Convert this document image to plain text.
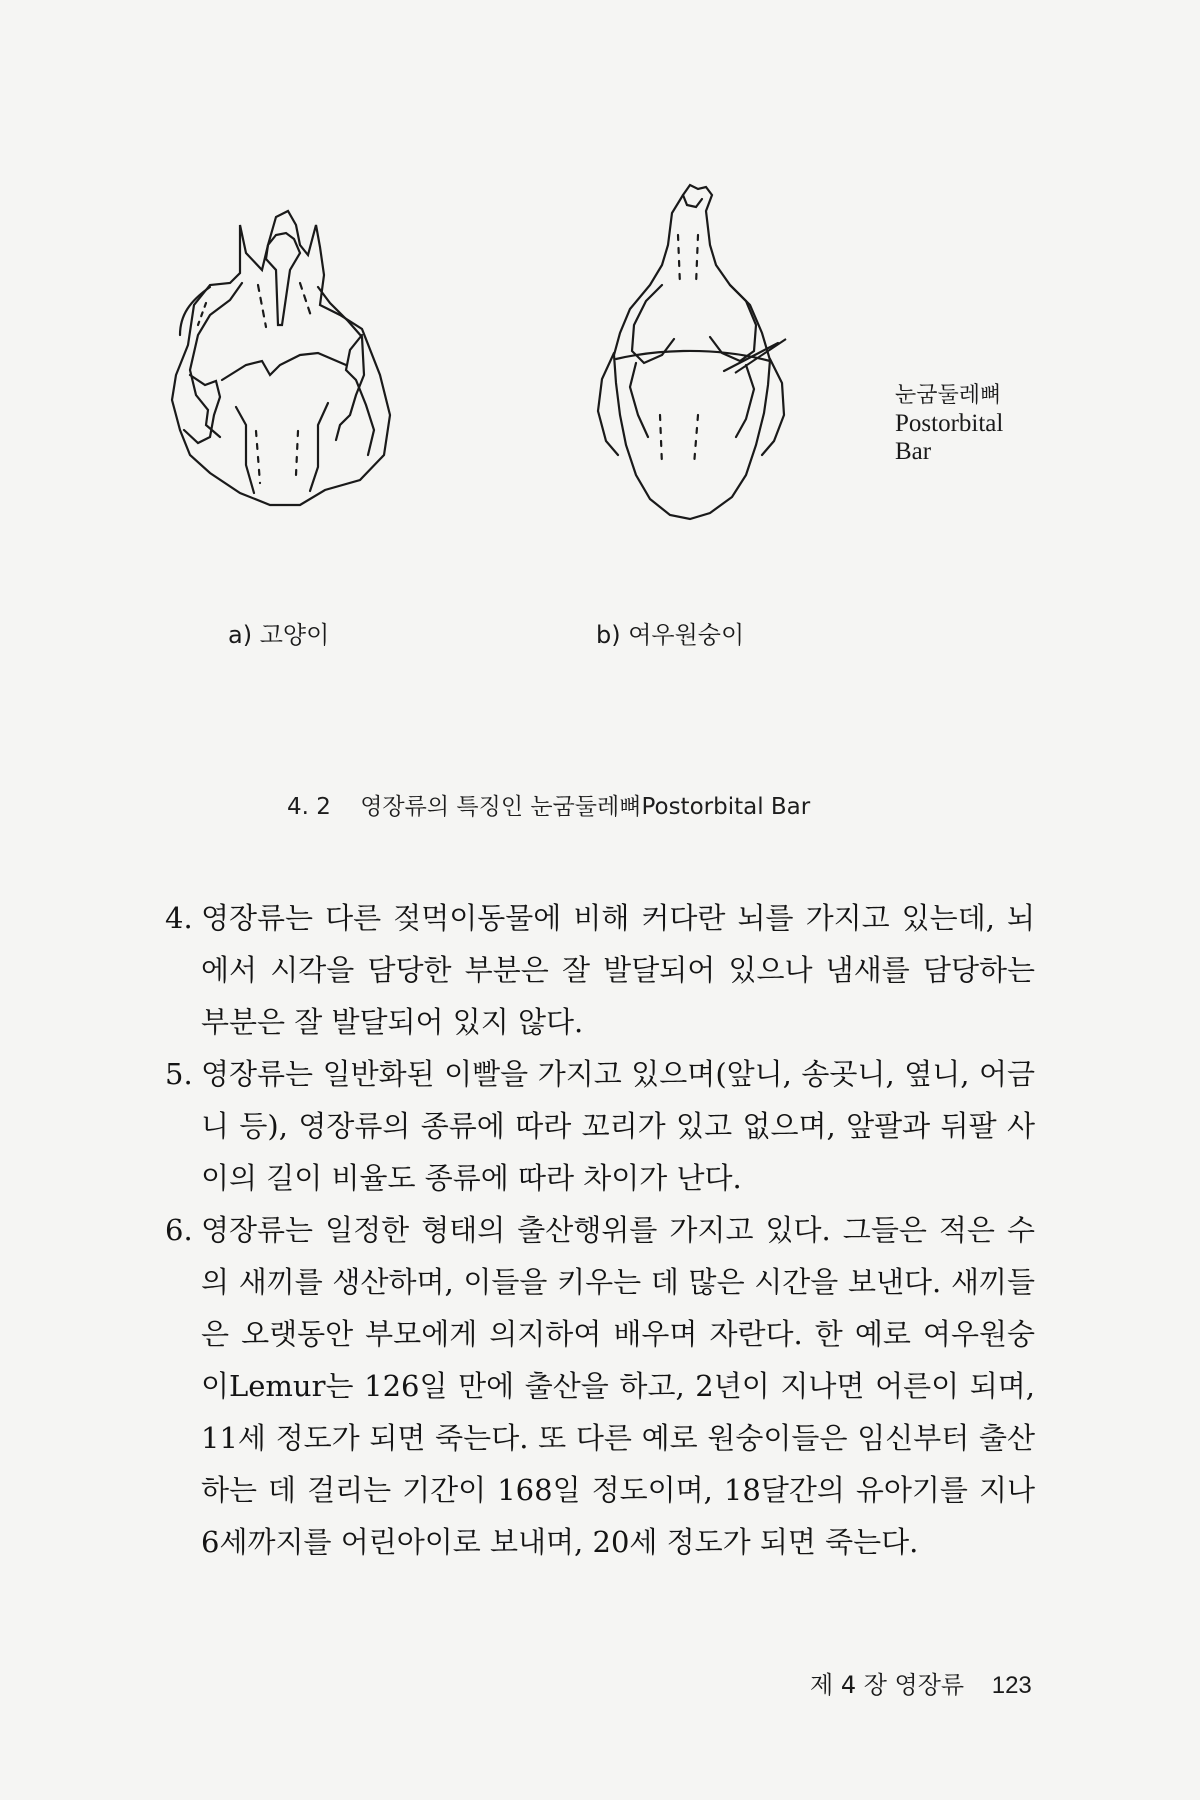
a) 고양이	b) 여우원숭이
눈굼둘레뼈
Postorbital
Bar
4. 2 영장류의 특징인 눈굼둘레뼈Postorbital Bar

4. 영장류는 다른 젖먹이동물에 비해 커다란 뇌를 가지고 있는데, 뇌에서 시각을 담당한 부분은 잘 발달되어 있으나 냄새를 담당하는 부분은 잘 발달되어 있지 않다.

5. 영장류는 일반화된 이빨을 가지고 있으며(앞니, 송곳니, 옆니, 어금니 등), 영장류의 종류에 따라 꼬리가 있고 없으며, 앞팔과 뒤팔 사이의 길이 비율도 종류에 따라 차이가 난다.

6. 영장류는 일정한 형태의 출산행위를 가지고 있다. 그들은 적은 수의 새끼를 생산하며, 이들을 키우는 데 많은 시간을 보낸다. 새끼들은 오랫동안 부모에게 의지하여 배우며 자란다. 한 예로 여우원숭이Lemur는 126일 만에 출산을 하고, 2년이 지나면 어른이 되며, 11세 정도가 되면 죽는다. 또 다른 예로 원숭이들은 임신부터 출산하는 데 걸리는 기간이 168일 정도이며, 18달간의 유아기를 지나 6세까지를 어린아이로 보내며, 20세 정도가 되면 죽는다.

제 4 장 영장류 123
